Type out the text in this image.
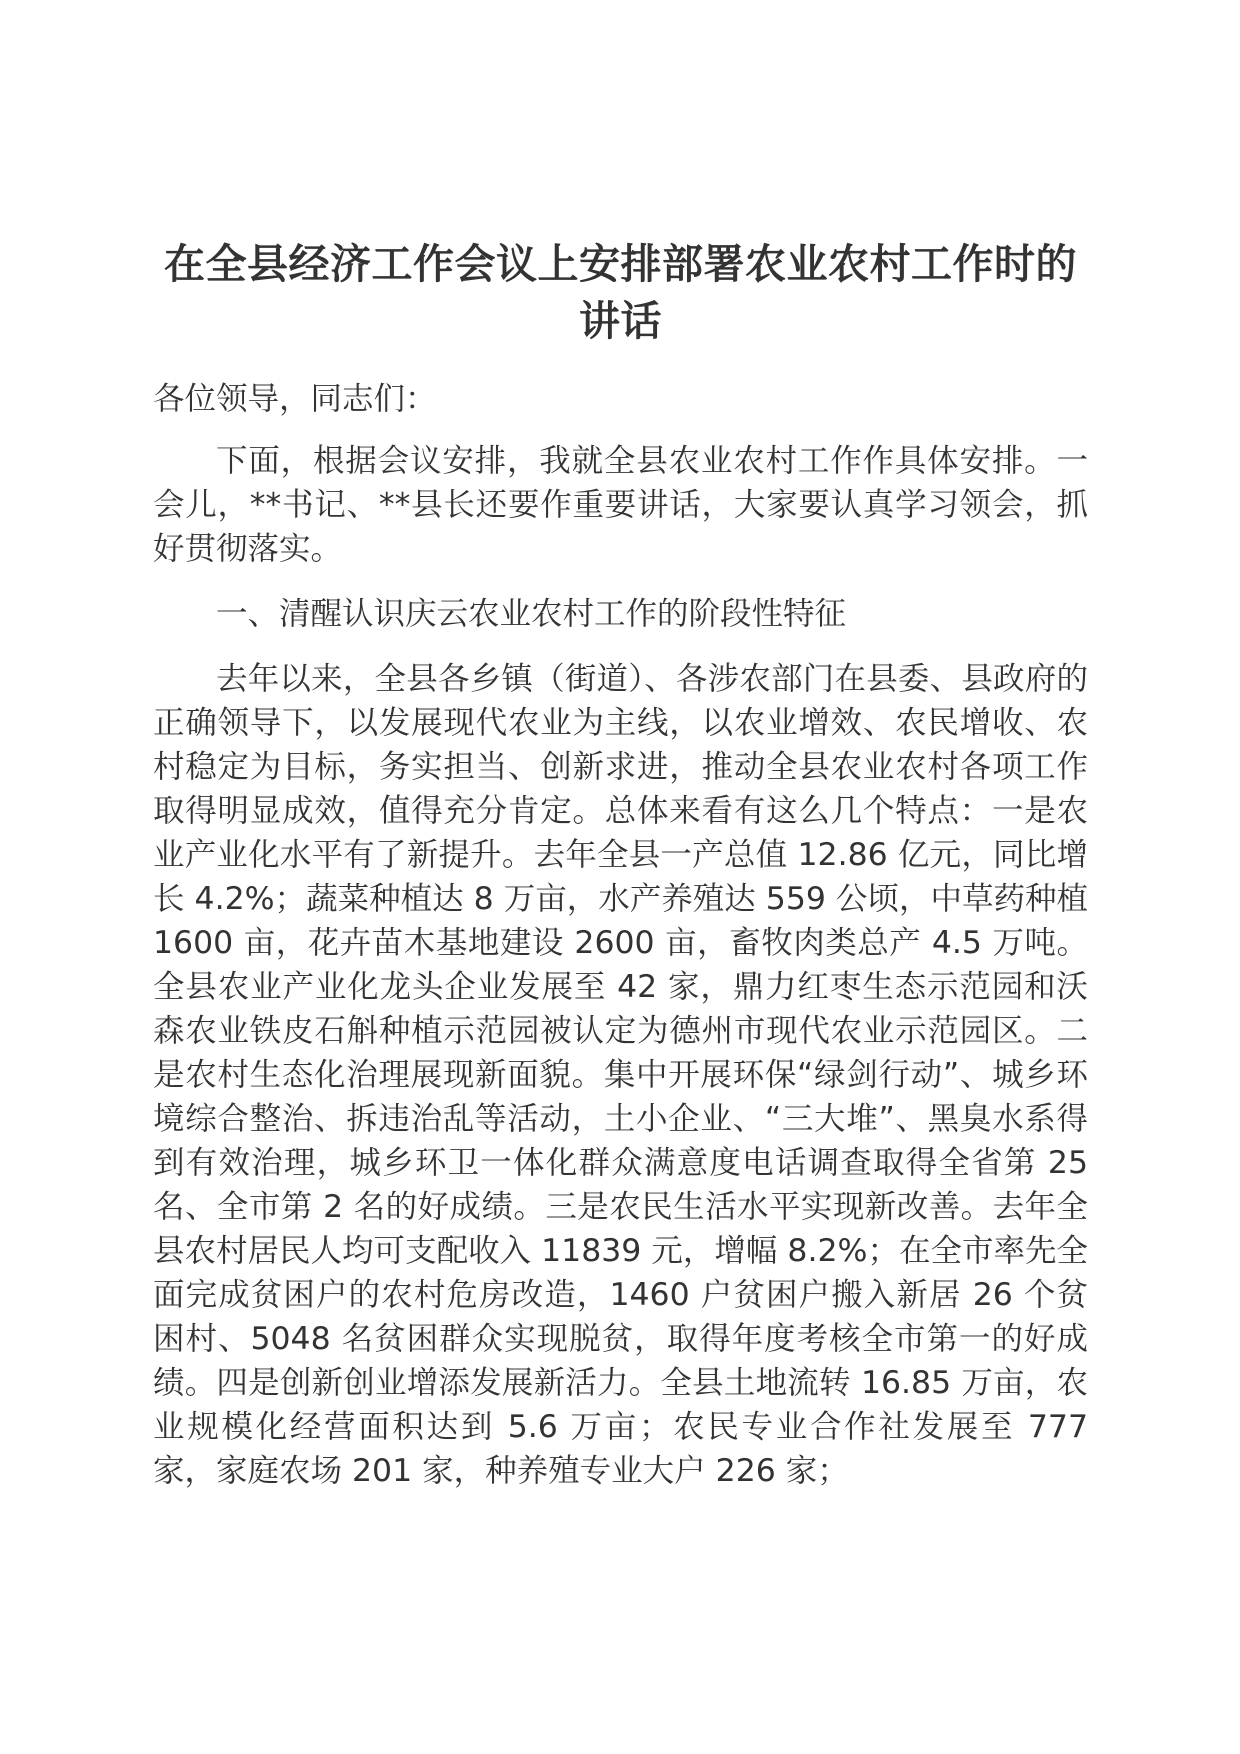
在全县经济工作会议上安排部署农业农村工作时的讲话

各位领导，同志们：

下面，根据会议安排，我就全县农业农村工作作具体安排。一会儿，**书记、**县长还要作重要讲话，大家要认真学习领会，抓好贯彻落实。

一、清醒认识庆云农业农村工作的阶段性特征

去年以来，全县各乡镇（街道）、各涉农部门在县委、县政府的正确领导下，以发展现代农业为主线，以农业增效、农民增收、农村稳定为目标，务实担当、创新求进，推动全县农业农村各项工作取得明显成效，值得充分肯定。总体来看有这么几个特点：一是农业产业化水平有了新提升。去年全县一产总值 12.86 亿元，同比增长 4.2%；蔬菜种植达 8 万亩，水产养殖达 559 公顷，中草药种植 1600 亩，花卉苗木基地建设 2600 亩，畜牧肉类总产 4.5 万吨。全县农业产业化龙头企业发展至 42 家，鼎力红枣生态示范园和沃森农业铁皮石斛种植示范园被认定为德州市现代农业示范园区。二是农村生态化治理展现新面貌。集中开展环保“绿剑行动”、城乡环境综合整治、拆违治乱等活动，土小企业、“三大堆”、黑臭水系得到有效治理，城乡环卫一体化群众满意度电话调查取得全省第 25 名、全市第 2 名的好成绩。三是农民生活水平实现新改善。去年全县农村居民人均可支配收入 11839 元，增幅 8.2%；在全市率先全面完成贫困户的农村危房改造，1460 户贫困户搬入新居 26 个贫困村、5048 名贫困群众实现脱贫，取得年度考核全市第一的好成绩。四是创新创业增添发展新活力。全县土地流转 16.85 万亩，农业规模化经营面积达到 5.6 万亩；农民专业合作社发展至 777 家，家庭农场 201 家，种养殖专业大户 226 家；
